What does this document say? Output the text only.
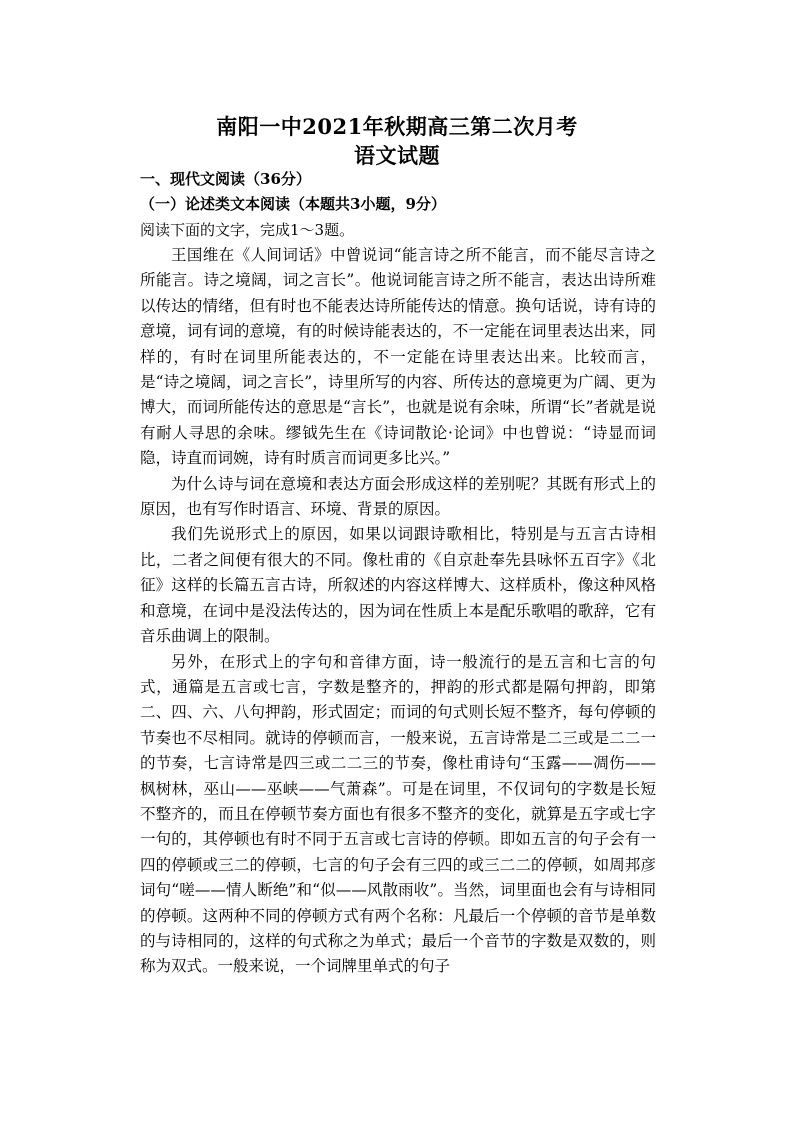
南阳一中2021年秋期高三第二次月考
语文试题
一、现代文阅读（36分）
（一）论述类文本阅读（本题共3小题，9分）
阅读下面的文字，完成1～3题。

王国维在《人间词话》中曾说词“能言诗之所不能言，而不能尽言诗之所能言。诗之境阔，词之言长”。他说词能言诗之所不能言，表达出诗所难以传达的情绪，但有时也不能表达诗所能传达的情意。换句话说，诗有诗的意境，词有词的意境，有的时候诗能表达的，不一定能在词里表达出来，同样的，有时在词里所能表达的，不一定能在诗里表达出来。比较而言，是“诗之境阔，词之言长”，诗里所写的内容、所传达的意境更为广阔、更为博大，而词所能传达的意思是“言长”，也就是说有余味，所谓“长”者就是说有耐人寻思的余味。缪钺先生在《诗词散论·论词》中也曾说：“诗显而词隐，诗直而词婉，诗有时质言而词更多比兴。”

为什么诗与词在意境和表达方面会形成这样的差别呢？其既有形式上的原因，也有写作时语言、环境、背景的原因。

我们先说形式上的原因，如果以词跟诗歌相比，特别是与五言古诗相比，二者之间便有很大的不同。像杜甫的《自京赴奉先县咏怀五百字》《北征》这样的长篇五言古诗，所叙述的内容这样博大、这样质朴，像这种风格和意境，在词中是没法传达的，因为词在性质上本是配乐歌唱的歌辞，它有音乐曲调上的限制。

另外，在形式上的字句和音律方面，诗一般流行的是五言和七言的句式，通篇是五言或七言，字数是整齐的，押韵的形式都是隔句押韵，即第二、四、六、八句押韵，形式固定；而词的句式则长短不整齐，每句停顿的节奏也不尽相同。就诗的停顿而言，一般来说，五言诗常是二三或是二二一的节奏，七言诗常是四三或二二三的节奏，像杜甫诗句“玉露——凋伤——枫树林，巫山——巫峡——气萧森”。可是在词里，不仅词句的字数是长短不整齐的，而且在停顿节奏方面也有很多不整齐的变化，就算是五字或七字一句的，其停顿也有时不同于五言或七言诗的停顿。即如五言的句子会有一四的停顿或三二的停顿，七言的句子会有三四的或三二二的停顿，如周邦彦词句“嗟——情人断绝”和“似——风散雨收”。当然，词里面也会有与诗相同的停顿。这两种不同的停顿方式有两个名称：凡最后一个停顿的音节是单数的与诗相同的，这样的句式称之为单式；最后一个音节的字数是双数的，则称为双式。一般来说，一个词牌里单式的句子
